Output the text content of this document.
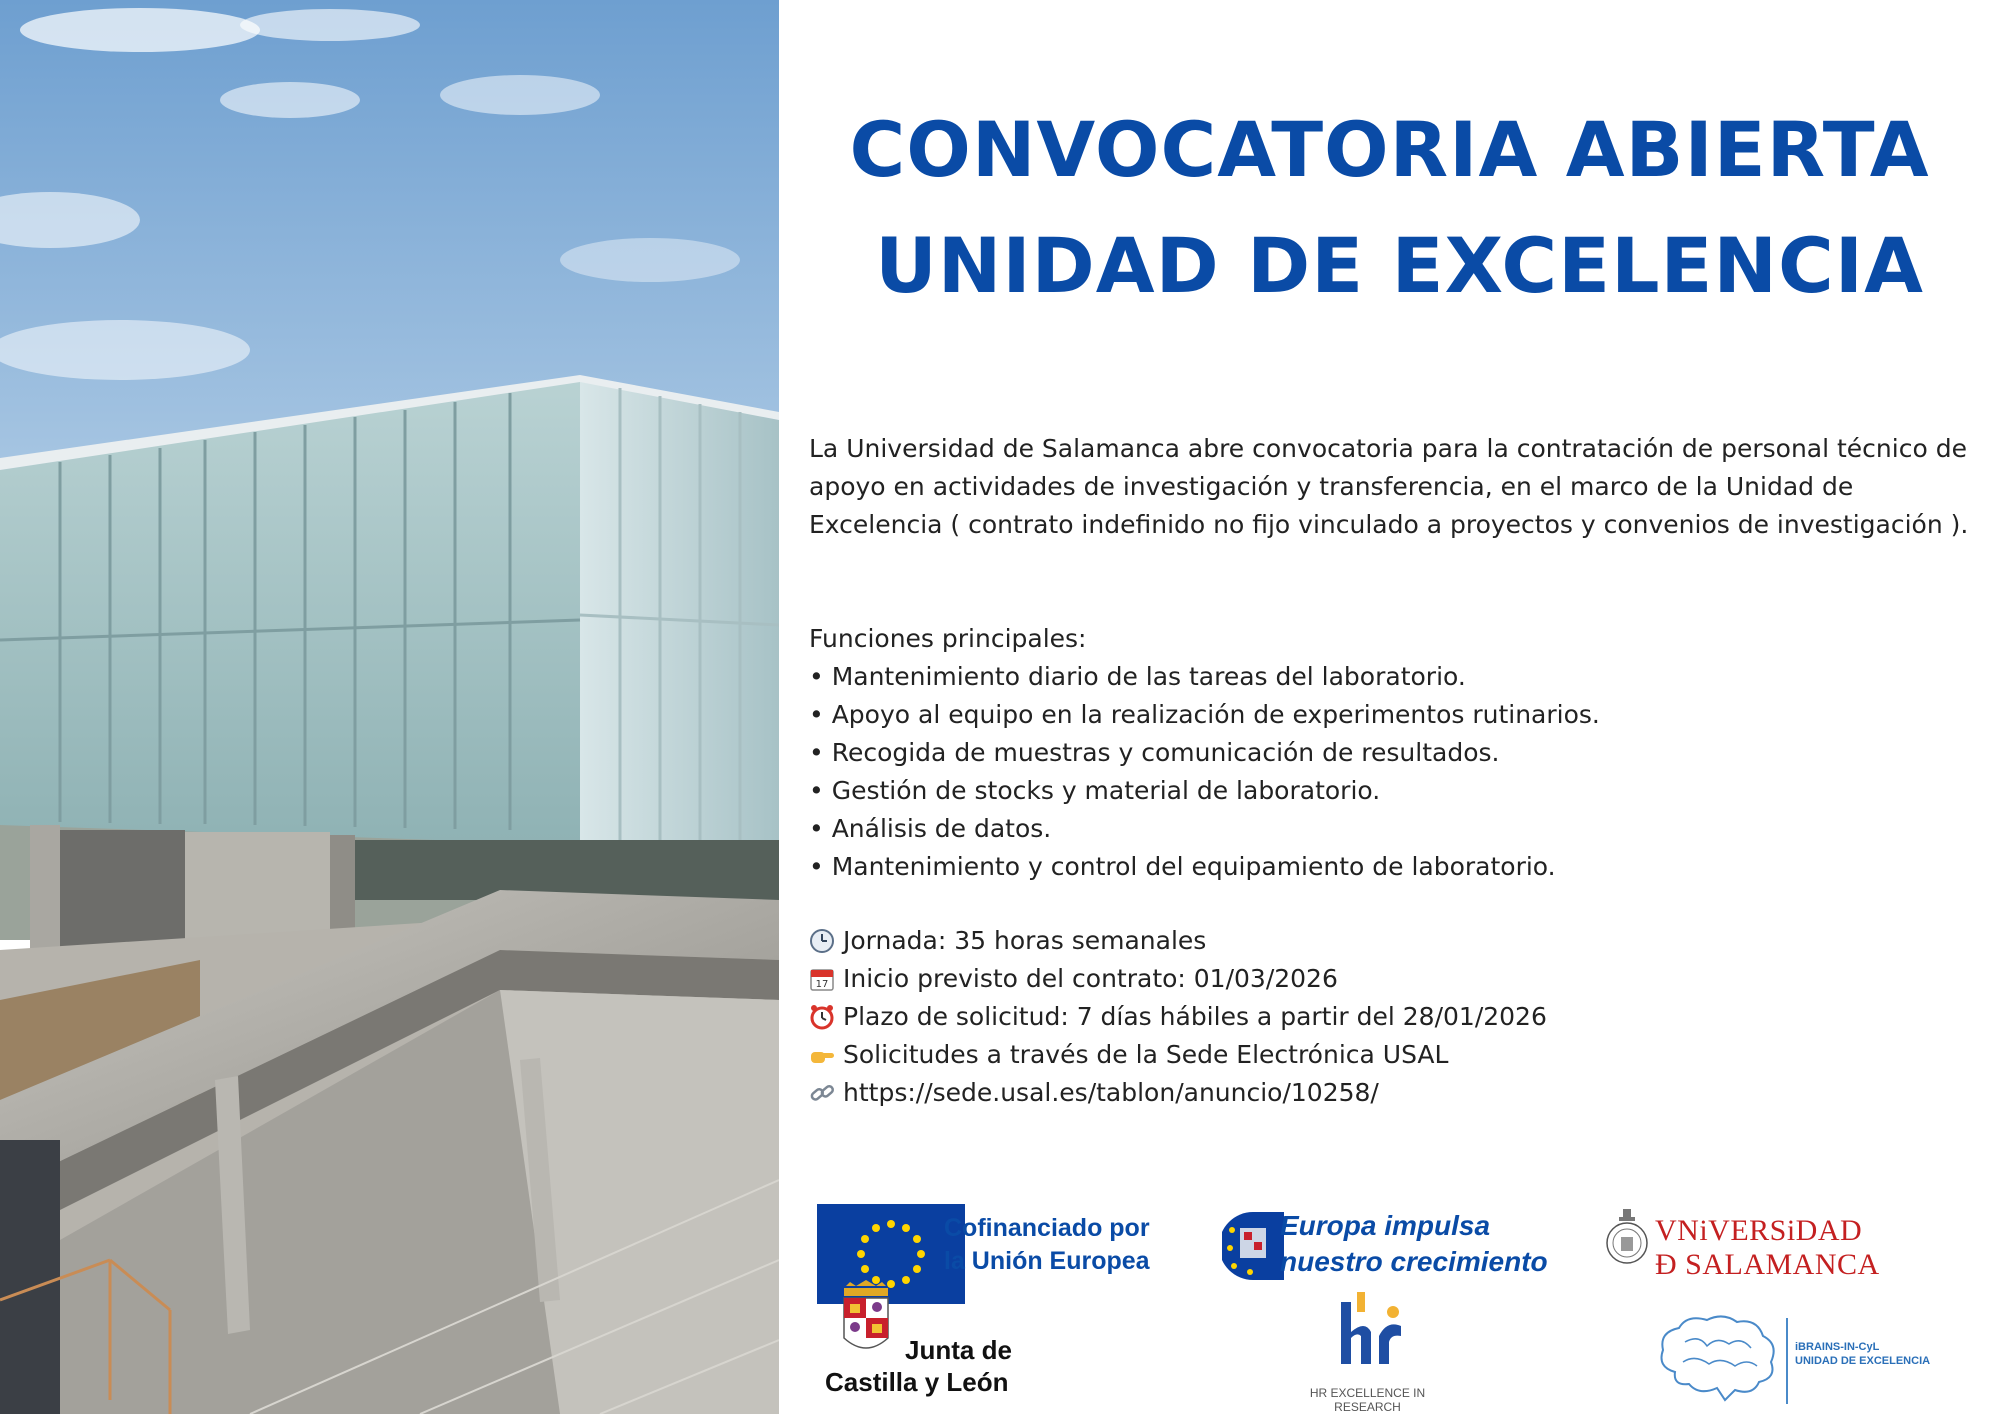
CONVOCATORIA ABIERTA
UNIDAD DE EXCELENCIA

La Universidad de Salamanca abre convocatoria para la contratación de personal técnico de apoyo en actividades de investigación y transferencia, en el marco de la Unidad de Excelencia ( contrato indefinido no fijo vinculado a proyectos y convenios de investigación ).

Funciones principales:

• Mantenimiento diario de las tareas del laboratorio.
• Apoyo al equipo en la realización de experimentos rutinarios.
• Recogida de muestras y comunicación de resultados.
• Gestión de stocks y material de laboratorio.
• Análisis de datos.
• Mantenimiento y control del equipamiento de laboratorio.
Jornada: 35 horas semanales
17 Inicio previsto del contrato: 01/03/2026
Plazo de solicitud: 7 días hábiles a partir del 28/01/2026
Solicitudes a través de la Sede Electrónica USAL
https://sede.usal.es/tablon/anuncio/10258/

Cofinanciado por
la Unión Europea

Junta de
Castilla y León

Europa impulsa
nuestro crecimiento

HR EXCELLENCE IN RESEARCH

VNiVERSiDAD
Ð SALAMANCA

iBRAINS-IN-CyL
UNIDAD DE EXCELENCIA
